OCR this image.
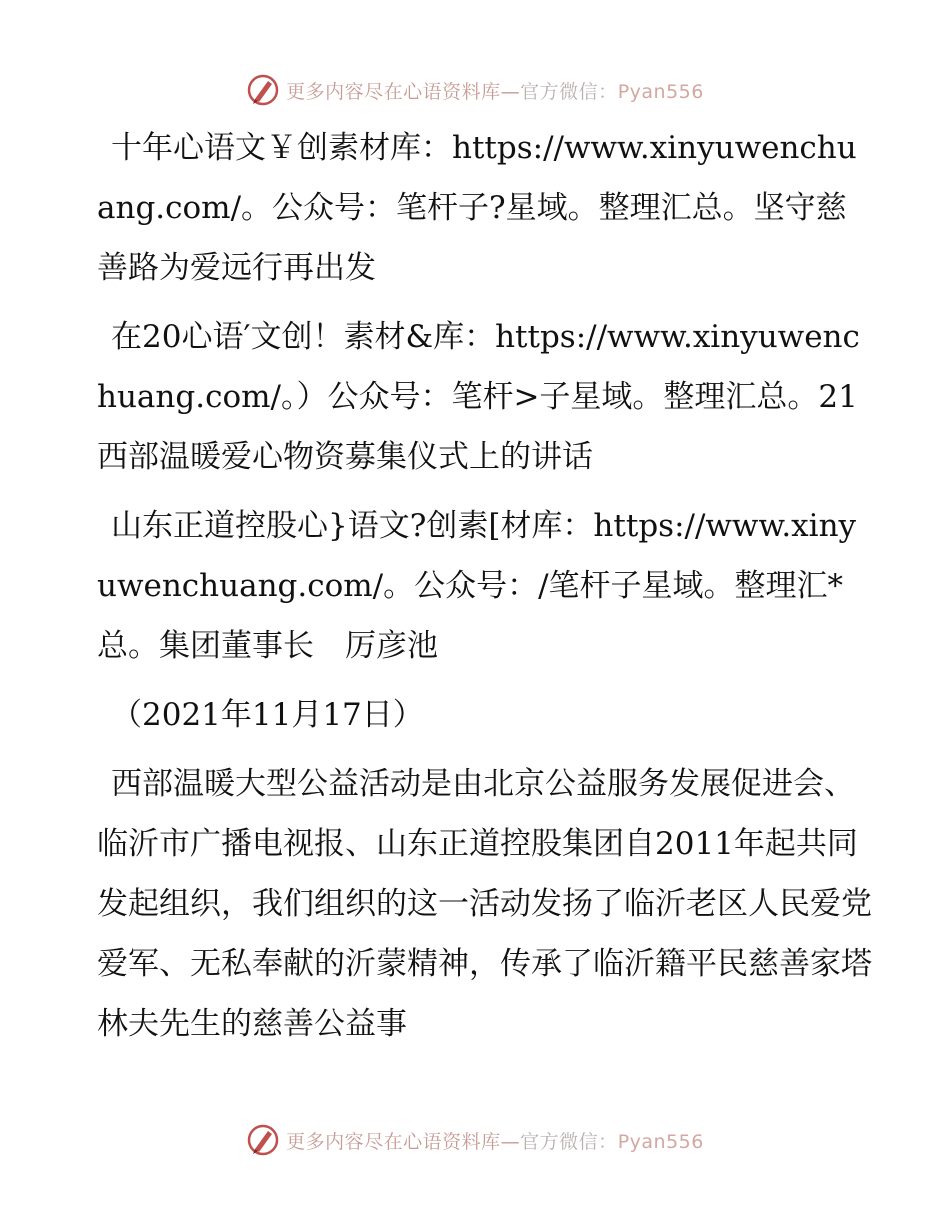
更多内容尽在心语资料库—官方微信：Pyan556

十年心语文￥创素材库：https://www.xinyuwenchuang.com/。公众号：笔杆子?星域。整理汇总。坚守慈善路为爱远行再出发

在20心语′文创！素材&库：https://www.xinyuwenchuang.com/。）公众号：笔杆>子星域。整理汇总。21西部温暖爱心物资募集仪式上的讲话

山东正道控股心}语文?创素[材库：https://www.xinyuwenchuang.com/。公众号：/笔杆子星域。整理汇*总。集团董事长　厉彦池

（2021年11月17日）

西部温暖大型公益活动是由北京公益服务发展促进会、临沂市广播电视报、山东正道控股集团自2011年起共同发起组织，我们组织的这一活动发扬了临沂老区人民爱党爱军、无私奉献的沂蒙精神，传承了临沂籍平民慈善家塔林夫先生的慈善公益事

更多内容尽在心语资料库—官方微信：Pyan556
